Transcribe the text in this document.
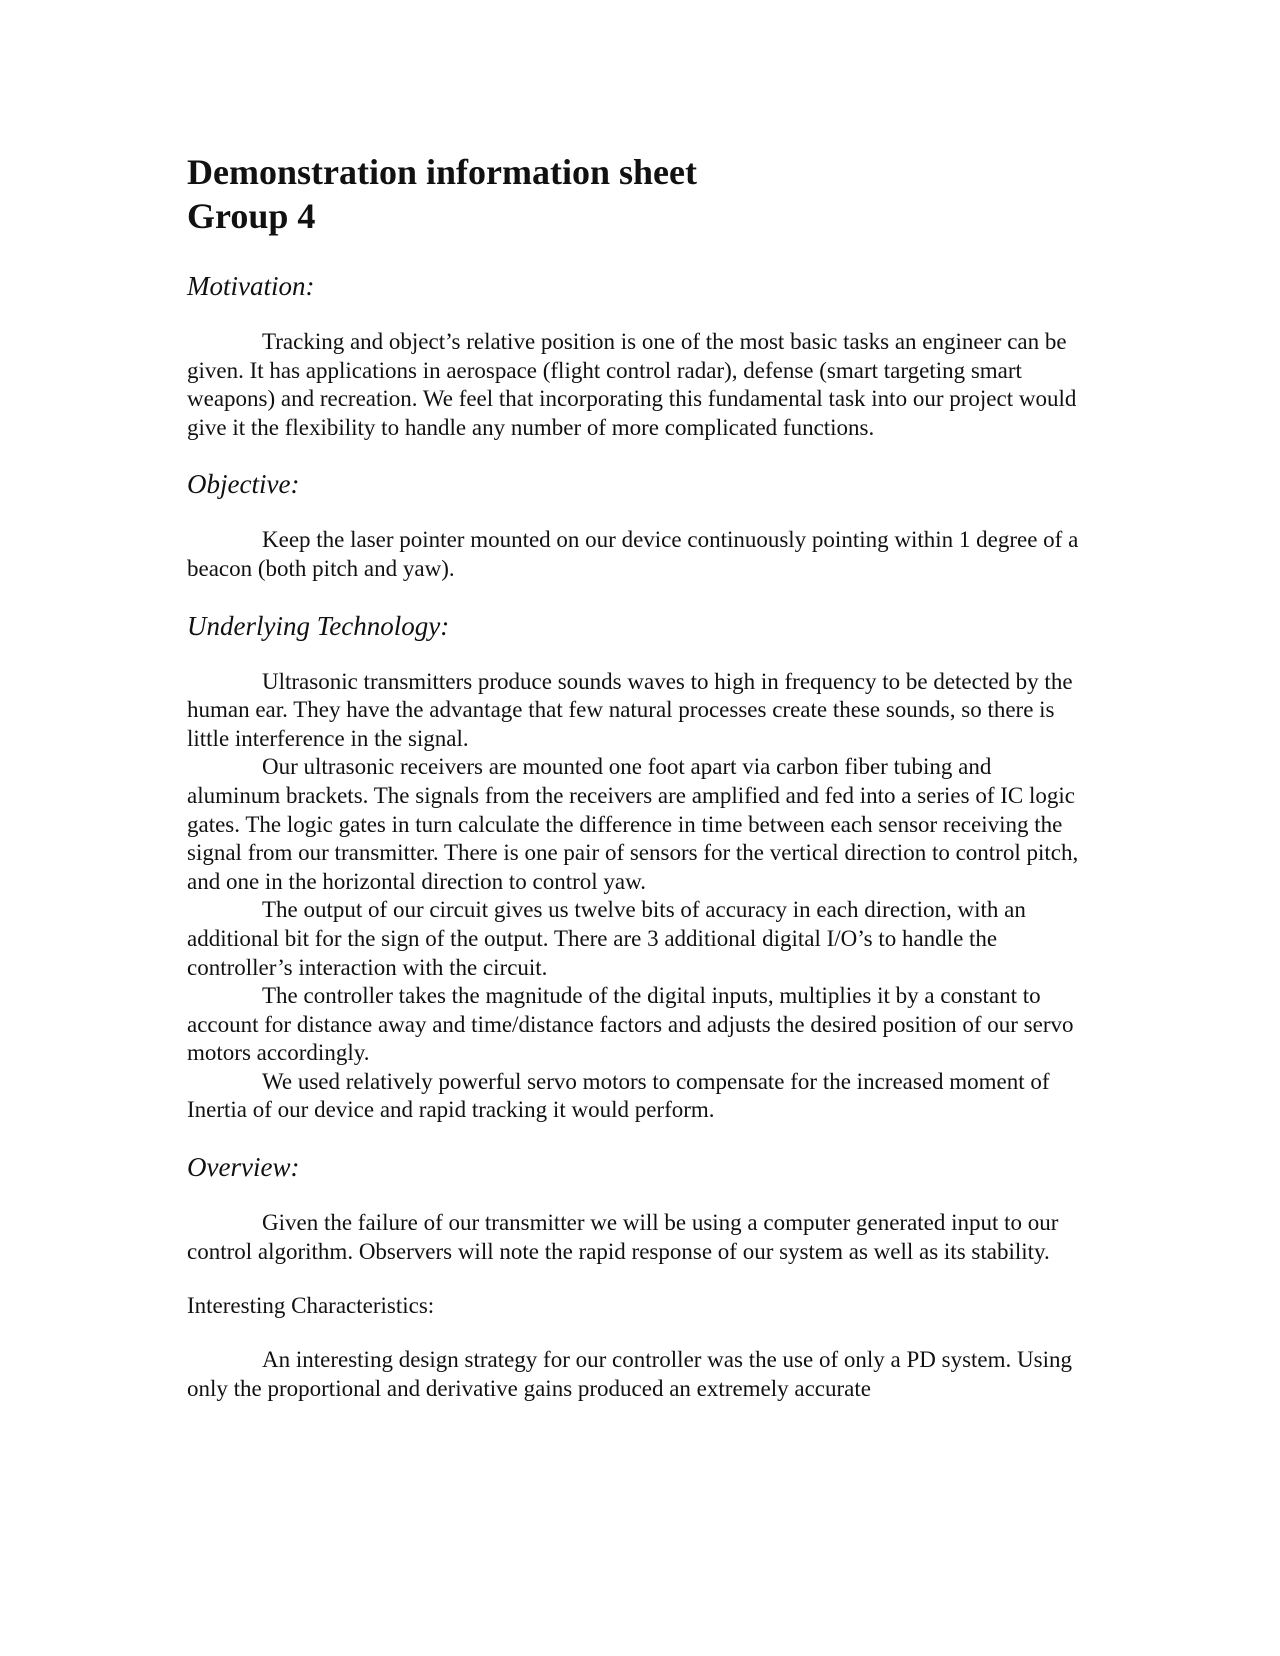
Demonstration information sheet
Group 4
Motivation:

Tracking and object’s relative position is one of the most basic tasks an engineer can be given. It has applications in aerospace (flight control radar), defense (smart targeting smart weapons) and recreation. We feel that incorporating this fundamental task into our project would give it the flexibility to handle any number of more complicated functions.

Objective:

Keep the laser pointer mounted on our device continuously pointing within 1 degree of a beacon (both pitch and yaw).

Underlying Technology:

Ultrasonic transmitters produce sounds waves to high in frequency to be detected by the human ear. They have the advantage that few natural processes create these sounds, so there is little interference in the signal.

Our ultrasonic receivers are mounted one foot apart via carbon fiber tubing and aluminum brackets. The signals from the receivers are amplified and fed into a series of IC logic gates. The logic gates in turn calculate the difference in time between each sensor receiving the signal from our transmitter. There is one pair of sensors for the vertical direction to control pitch, and one in the horizontal direction to control yaw.

The output of our circuit gives us twelve bits of accuracy in each direction, with an additional bit for the sign of the output. There are 3 additional digital I/O’s to handle the controller’s interaction with the circuit.

The controller takes the magnitude of the digital inputs, multiplies it by a constant to account for distance away and time/distance factors and adjusts the desired position of our servo motors accordingly.

We used relatively powerful servo motors to compensate for the increased moment of Inertia of our device and rapid tracking it would perform.

Overview:

Given the failure of our transmitter we will be using a computer generated input to our control algorithm. Observers will note the rapid response of our system as well as its stability.

Interesting Characteristics:

An interesting design strategy for our controller was the use of only a PD system. Using only the proportional and derivative gains produced an extremely accurate
